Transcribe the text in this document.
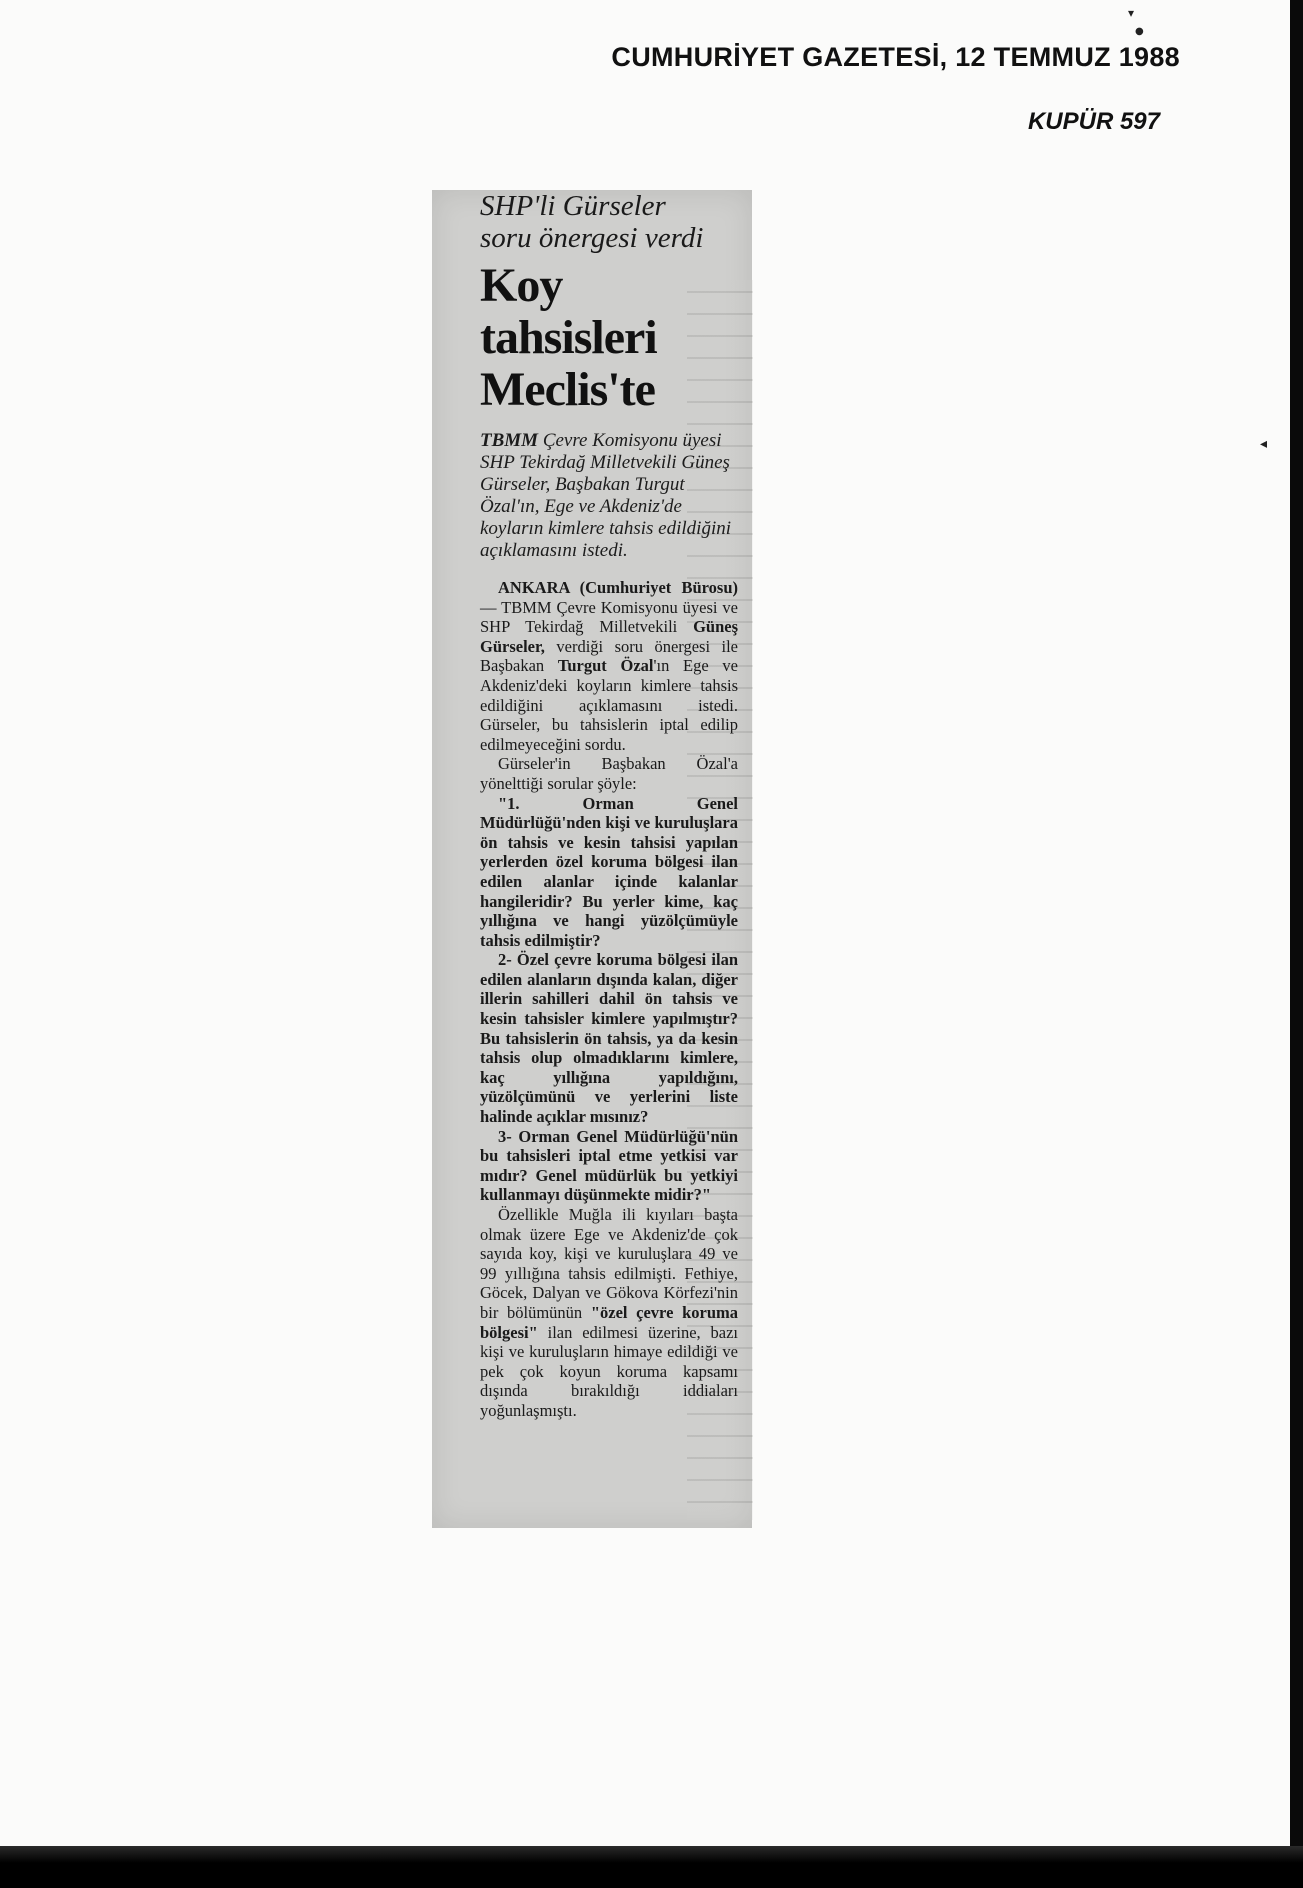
CUMHURİYET GAZETESİ, 12 TEMMUZ 1988
KUPÜR 597
▾
●
◂
SHP'li Gürseler
soru önergesi verdi
Koy
tahsisleri
Meclis'te
TBMM Çevre Komisyonu üyesi SHP Tekirdağ Milletvekili Güneş Gürseler, Başbakan Turgut Özal'ın, Ege ve Akdeniz'de koyların kimlere tahsis edildiğini açıklamasını istedi.

ANKARA (Cumhuriyet Bürosu) — TBMM Çevre Komisyonu üyesi ve SHP Tekirdağ Milletvekili Güneş Gürseler, verdiği soru önergesi ile Başbakan Turgut Özal'ın Ege ve Akdeniz'deki koyların kimlere tahsis edildiğini açıklamasını istedi. Gürseler, bu tahsislerin iptal edilip edilmeyeceğini sordu.

Gürseler'in Başbakan Özal'a yönelttiği sorular şöyle:

"1. Orman Genel Müdürlüğü'nden kişi ve kuruluşlara ön tahsis ve kesin tahsisi yapılan yerlerden özel koruma bölgesi ilan edilen alanlar içinde kalanlar hangileridir? Bu yerler kime, kaç yıllığına ve hangi yüzölçümüyle tahsis edilmiştir?

2- Özel çevre koruma bölgesi ilan edilen alanların dışında kalan, diğer illerin sahilleri dahil ön tahsis ve kesin tahsisler kimlere yapılmıştır? Bu tahsislerin ön tahsis, ya da kesin tahsis olup olmadıklarını kimlere, kaç yıllığına yapıldığını, yüzölçümünü ve yerlerini liste halinde açıklar mısınız?

3- Orman Genel Müdürlüğü'nün bu tahsisleri iptal etme yetkisi var mıdır? Genel müdürlük bu yetkiyi kullanmayı düşünmekte midir?"

Özellikle Muğla ili kıyıları başta olmak üzere Ege ve Akdeniz'de çok sayıda koy, kişi ve kuruluşlara 49 ve 99 yıllığına tahsis edilmişti. Fethiye, Göcek, Dalyan ve Gökova Körfezi'nin bir bölümünün "özel çevre koruma bölgesi" ilan edilmesi üzerine, bazı kişi ve kuruluşların himaye edildiği ve pek çok koyun koruma kapsamı dışında bırakıldığı iddiaları yoğunlaşmıştı.
